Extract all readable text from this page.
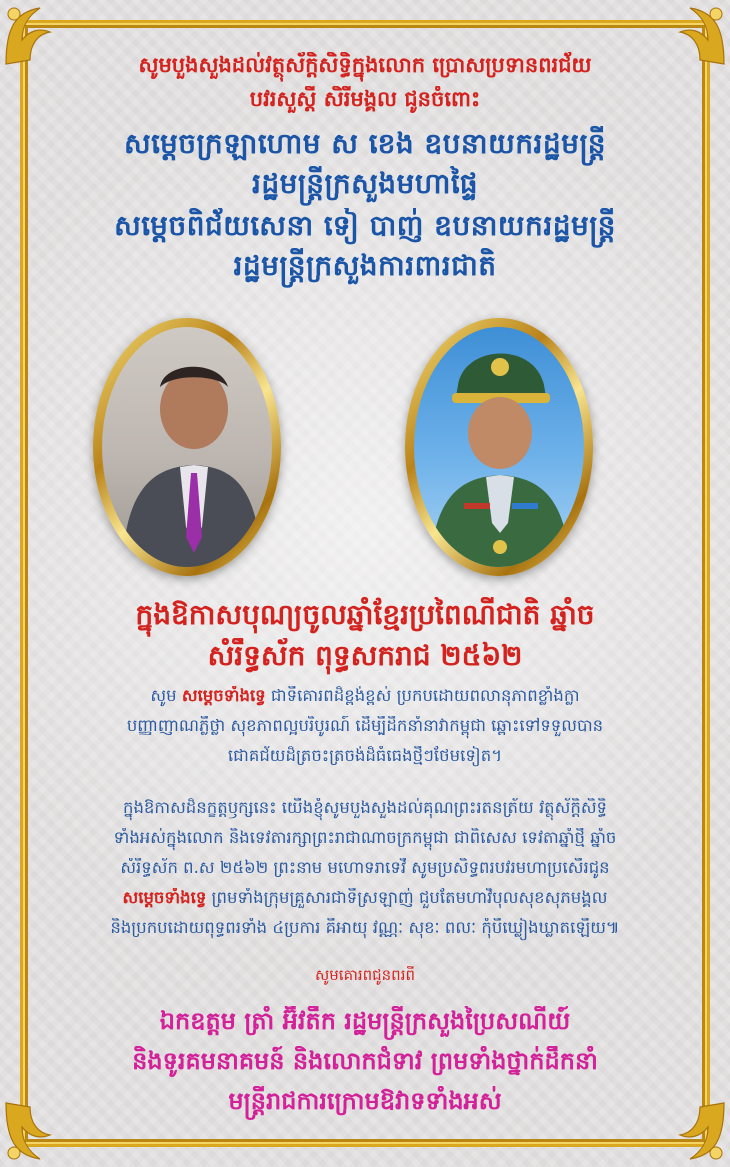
សូមបួងសួងដល់វត្ថុស័ក្តិសិទ្ធិក្នុងលោក ប្រោសប្រទានពរជ័យ
បវរសួស្តី សិរីមង្គល ជូនចំពោះ
សម្តេចក្រឡាហោម ស ខេង ឧបនាយករដ្ឋមន្ត្រី
រដ្ឋមន្ត្រីក្រសួងមហាផ្ទៃ
សម្តេចពិជ័យសេនា ទៀ បាញ់ ឧបនាយករដ្ឋមន្ត្រី
រដ្ឋមន្ត្រីក្រសួងការពារជាតិ
ក្នុងឱកាសបុណ្យចូលឆ្នាំខ្មែរប្រពៃណីជាតិ ឆ្នាំច
សំរឹទ្ធស័ក ពុទ្ធសករាជ ២៥៦២
សូម សម្តេចទាំងទ្វេ ជាទីគោរពដ៏ខ្ពង់ខ្ពស់ ប្រកបដោយពលានុភាពខ្លាំងក្លា
បញ្ញាញាណភ្លឺថ្លា សុខភាពល្អបរិបូរណ៍ ដើម្បីដឹកនាំនាវាកម្ពុជា ឆ្ពោះទៅទទួលបាន
ជោគជ័យដ៏ត្រចះត្រចង់ដ៏ធំធេងថ្មីៗថែមទៀត។
ក្នុងឱកាសដ៏នក្ខត្តឫក្សនេះ យើងខ្ញុំសូមបួងសួងដល់គុណព្រះរតនត្រ័យ វត្ថុស័ក្តិសិទ្ធិ
ទាំងអស់ក្នុងលោក និងទេវតារក្សាព្រះរាជាណាចក្រកម្ពុជា ជាពិសេស ទេវតាឆ្នាំថ្មី ឆ្នាំច
សំរឹទ្ធស័ក ព.ស ២៥៦២ ព្រះនាម មហោទរាទេវី សូមប្រសិទ្ធពរបវរមហាប្រសើរជូន
សម្តេចទាំងទ្វេ ព្រមទាំងក្រុមគ្រួសារជាទីស្រឡាញ់ ជួបតែមហាវិបុលសុខសុភមង្គល
និងប្រកបដោយពុទ្ធពរទាំង ៤ប្រការ គឺអាយុ វណ្ណៈ សុខៈ ពលៈ កុំបីឃ្លៀងឃ្លាតឡើយ៕
សូមគោរពជូនពរពី
ឯកឧត្តម ត្រាំ អ៊ីវតឹក រដ្ឋមន្ត្រីក្រសួងប្រៃសណីយ៍
និងទូរគមនាគមន៍ និងលោកជំទាវ ព្រមទាំងថ្នាក់ដឹកនាំ
មន្ត្រីរាជការក្រោមឱវាទទាំងអស់
